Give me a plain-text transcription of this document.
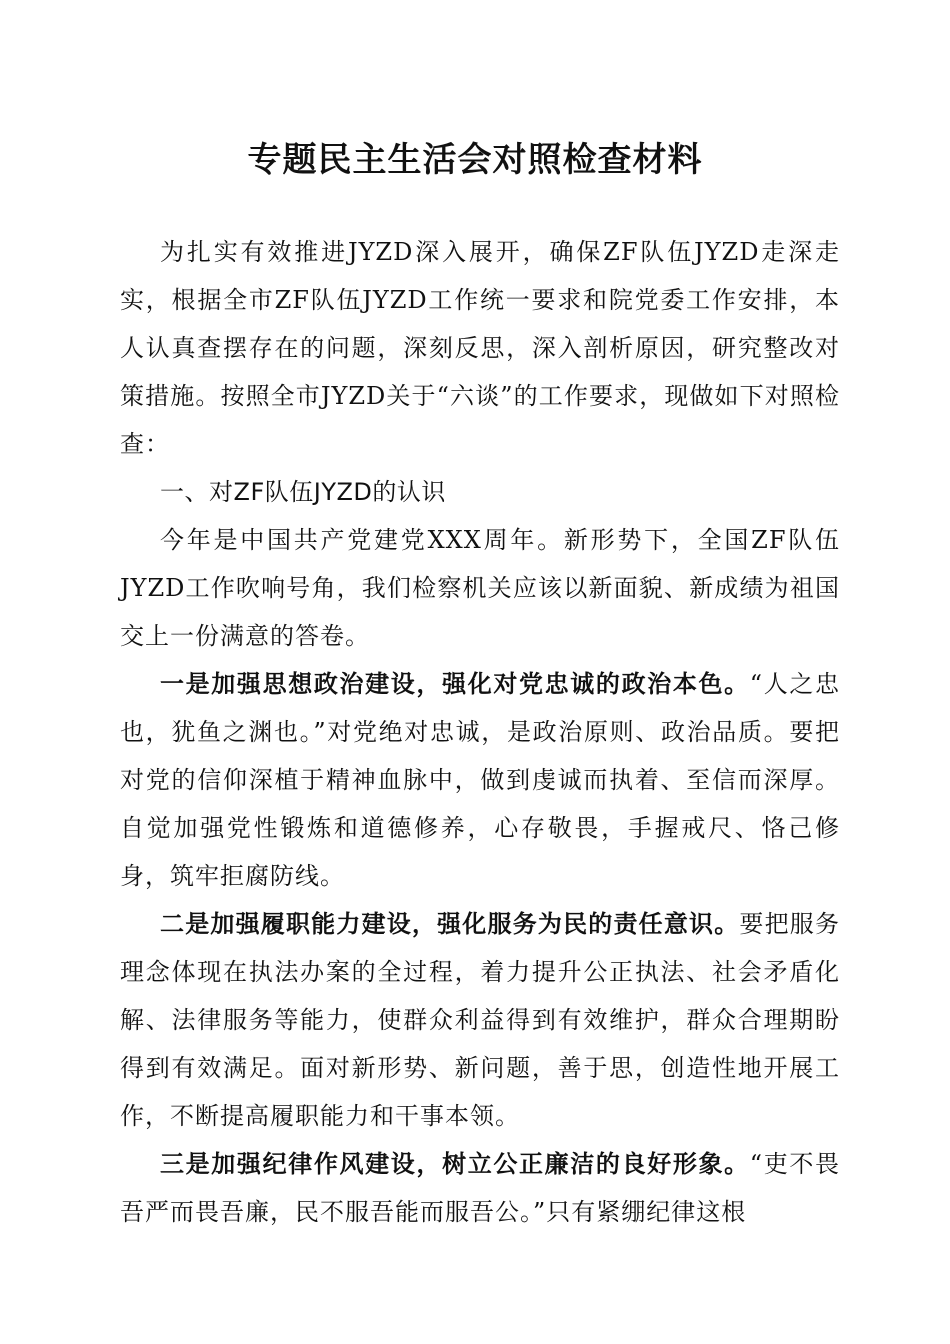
专题民主生活会对照检查材料

为扎实有效推进JYZD深入展开，确保ZF队伍JYZD走深走实，根据全市ZF队伍JYZD工作统一要求和院党委工作安排，本人认真查摆存在的问题，深刻反思，深入剖析原因，研究整改对策措施。按照全市JYZD关于“六谈”的工作要求，现做如下对照检查：

一、对ZF队伍JYZD的认识

今年是中国共产党建党XXX周年。新形势下，全国ZF队伍JYZD工作吹响号角，我们检察机关应该以新面貌、新成绩为祖国交上一份满意的答卷。

一是加强思想政治建设，强化对党忠诚的政治本色。“人之忠也，犹鱼之渊也。”对党绝对忠诚，是政治原则、政治品质。要把对党的信仰深植于精神血脉中，做到虔诚而执着、至信而深厚。自觉加强党性锻炼和道德修养，心存敬畏，手握戒尺、恪己修身，筑牢拒腐防线。

二是加强履职能力建设，强化服务为民的责任意识。要把服务理念体现在执法办案的全过程，着力提升公正执法、社会矛盾化解、法律服务等能力，使群众利益得到有效维护，群众合理期盼得到有效满足。面对新形势、新问题，善于思，创造性地开展工作，不断提高履职能力和干事本领。

三是加强纪律作风建设，树立公正廉洁的良好形象。“吏不畏吾严而畏吾廉，民不服吾能而服吾公。”只有紧绷纪律这根
